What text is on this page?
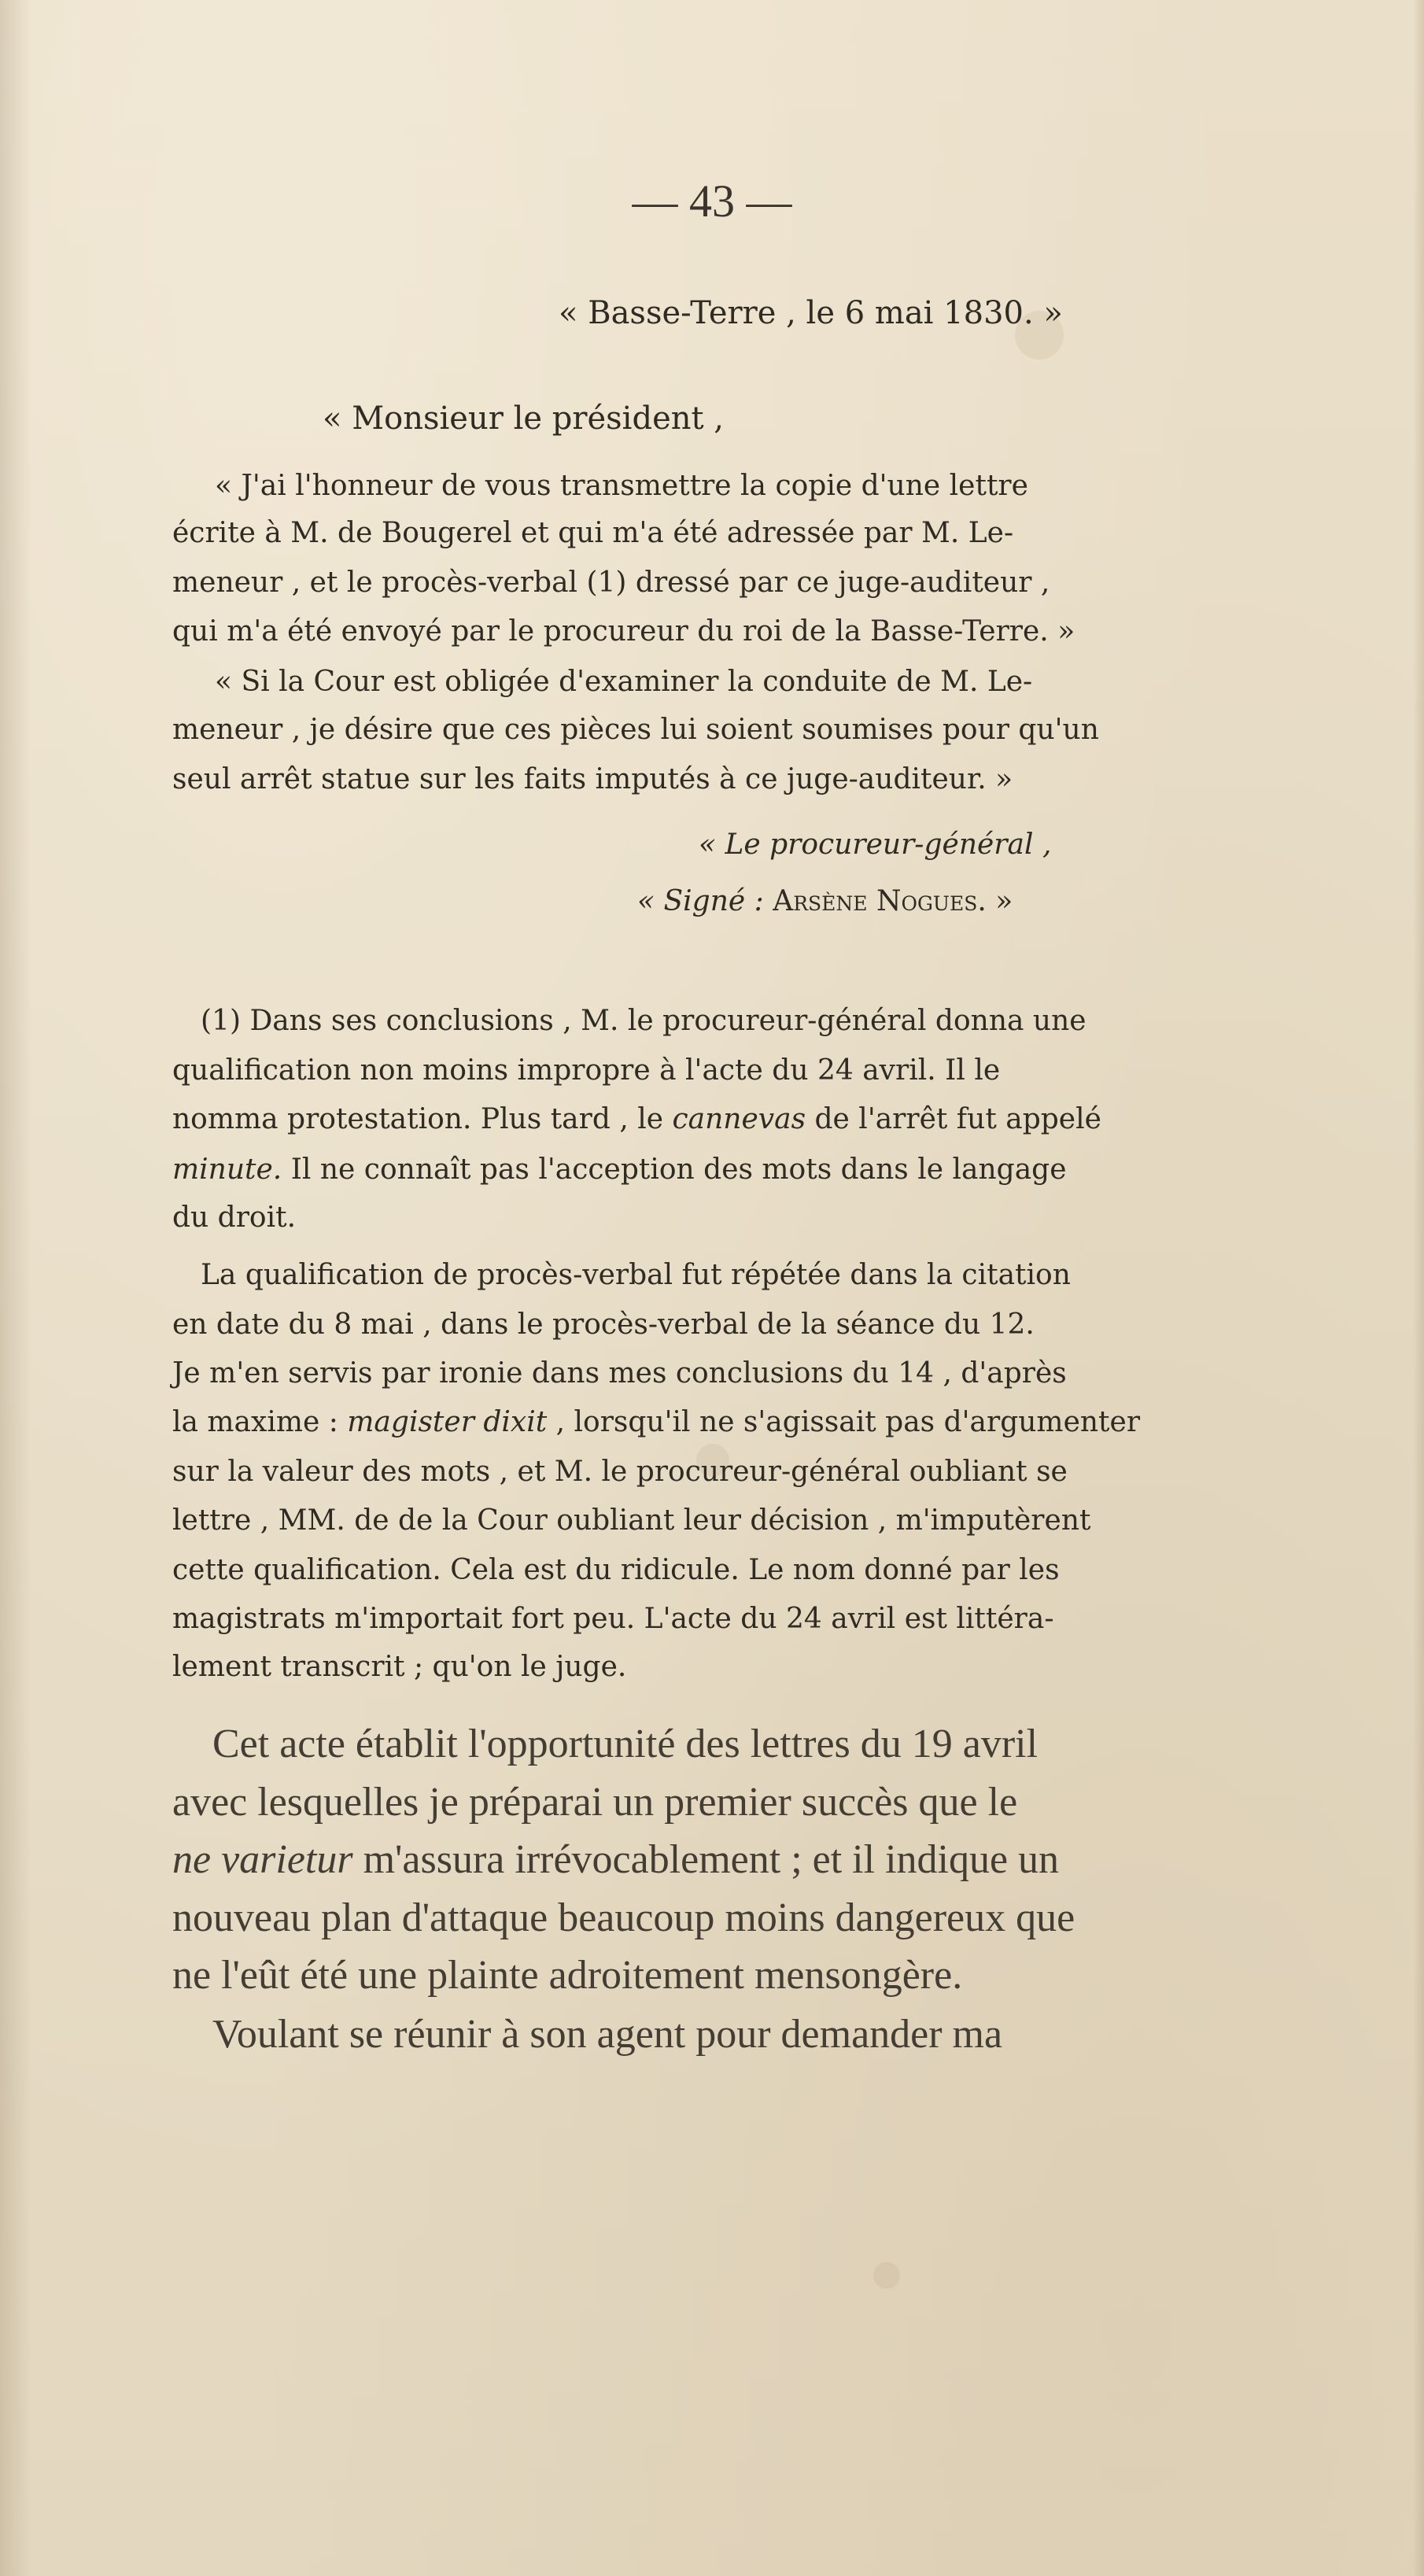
— 43 —
« Basse-Terre , le 6 mai 1830. »
« Monsieur le président ,
« J'ai l'honneur de vous transmettre la copie d'une lettre
écrite à M. de Bougerel et qui m'a été adressée par M. Le-
meneur , et le procès-verbal (1) dressé par ce juge-auditeur ,
qui m'a été envoyé par le procureur du roi de la Basse-Terre. »
« Si la Cour est obligée d'examiner la conduite de M. Le-
meneur , je désire que ces pièces lui soient soumises pour qu'un
seul arrêt statue sur les faits imputés à ce juge-auditeur. »
« Le procureur-général ,
« Signé : Arsène Nogues. »
(1) Dans ses conclusions , M. le procureur-général donna une
qualification non moins impropre à l'acte du 24 avril. Il le
nomma protestation. Plus tard , le cannevas de l'arrêt fut appelé
minute. Il ne connaît pas l'acception des mots dans le langage
du droit.
La qualification de procès-verbal fut répétée dans la citation
en date du 8 mai , dans le procès-verbal de la séance du 12.
Je m'en servis par ironie dans mes conclusions du 14 , d'après
la maxime : magister dixit , lorsqu'il ne s'agissait pas d'argumenter
sur la valeur des mots , et M. le procureur-général oubliant se
lettre , MM. de de la Cour oubliant leur décision , m'imputèrent
cette qualification. Cela est du ridicule. Le nom donné par les
magistrats m'importait fort peu. L'acte du 24 avril est littéra-
lement transcrit ; qu'on le juge.
Cet acte établit l'opportunité des lettres du 19 avril
avec lesquelles je préparai un premier succès que le
ne varietur m'assura irrévocablement ; et il indique un
nouveau plan d'attaque beaucoup moins dangereux que
ne l'eût été une plainte adroitement mensongère.
Voulant se réunir à son agent pour demander ma
